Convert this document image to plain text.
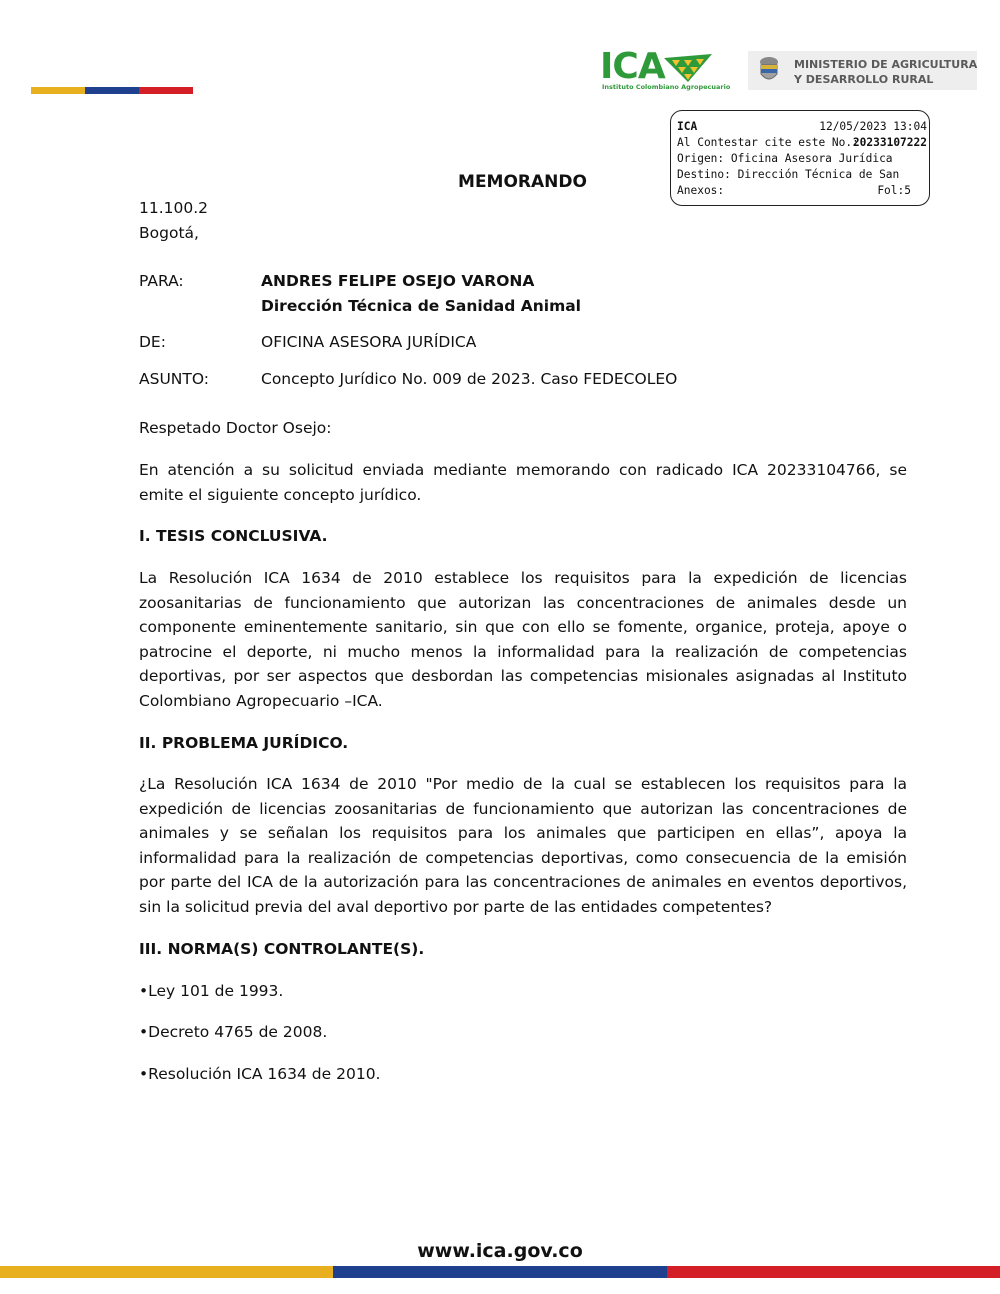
ICA
Instituto Colombiano Agropecuario
MINISTERIO DE AGRICULTURA
Y DESARROLLO RURAL
ICA	12/05/2023 13:04
Al Contestar cite este No.:
20233107222
Origen: Oficina Asesora Jurídica
Destino: Dirección Técnica de San
Anexos:	Fol:5
MEMORANDO
11.100.2
Bogotá,
PARA:	ANDRES FELIPE OSEJO VARONA
Dirección Técnica de Sanidad Animal
DE:	OFICINA ASESORA JURÍDICA
ASUNTO:	Concepto Jurídico No. 009 de 2023. Caso FEDECOLEO
Respetado Doctor Osejo:
En atención a su solicitud enviada mediante memorando con radicado ICA 20233104766, se emite el siguiente concepto jurídico.
I. TESIS CONCLUSIVA.
La Resolución ICA 1634 de 2010 establece los requisitos para la expedición de licencias zoosanitarias de funcionamiento que autorizan las concentraciones de animales desde un componente eminentemente sanitario, sin que con ello se fomente, organice, proteja, apoye o patrocine el deporte, ni mucho menos la informalidad para la realización de competencias deportivas, por ser aspectos que desbordan las competencias misionales asignadas al Instituto Colombiano Agropecuario –ICA.
II. PROBLEMA JURÍDICO.
¿La Resolución ICA 1634 de 2010 "Por medio de la cual se establecen los requisitos para la expedición de licencias zoosanitarias de funcionamiento que autorizan las concentraciones de animales y se señalan los requisitos para los animales que participen en ellas”, apoya la informalidad para la realización de competencias deportivas, como consecuencia de la emisión por parte del ICA de la autorización para las concentraciones de animales en eventos deportivos, sin la solicitud previa del aval deportivo por parte de las entidades competentes?
III. NORMA(S) CONTROLANTE(S).
•Ley 101 de 1993.
•Decreto 4765 de 2008.
•Resolución ICA 1634 de 2010.
www.ica.gov.co
